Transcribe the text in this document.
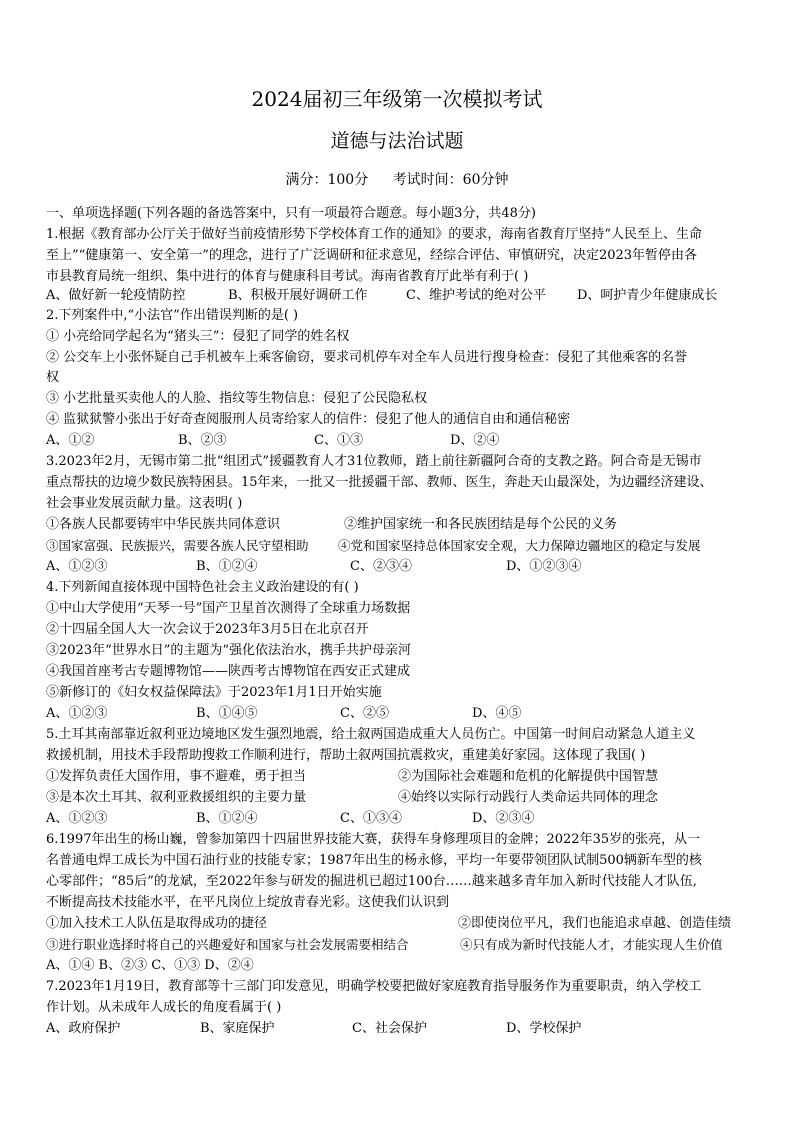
2024届初三年级第一次模拟考试
道德与法治试题
满分：100分 考试时间：60分钟
一、单项选择题(下列各题的备选答案中，只有一项最符合题意。每小题3分，共48分)
1.根据《教育部办公厅关于做好当前疫情形势下学校体育工作的通知》的要求，海南省教育厅坚持“人民至上、生命
至上”“健康第一、安全第一”的理念，进行了广泛调研和征求意见，经综合评估、审慎研究，决定2023年暂停由各
市县教育局统一组织、集中进行的体育与健康科目考试。海南省教育厅此举有利于( )
A、做好新一轮疫情防控	B、积极开展好调研工作	C、维护考试的绝对公平 D、呵护青少年健康成长
2.下列案件中,“小法官”作出错误判断的是( )
① 小亮给同学起名为“猪头三”：侵犯了同学的姓名权
② 公交车上小张怀疑自己手机被车上乘客偷窃，要求司机停车对全车人员进行搜身检查：侵犯了其他乘客的名誉
权
③ 小艺批量买卖他人的人脸、指纹等生物信息：侵犯了公民隐私权
④ 监狱狱警小张出于好奇查阅服刑人员寄给家人的信件：侵犯了他人的通信自由和通信秘密
A、①②	B、②③	C、①③	D、②④
3.2023年2月，无锡市第二批“组团式”援疆教育人才31位教师，踏上前往新疆阿合奇的支教之路。阿合奇是无锡市
重点帮扶的边境少数民族特困县。15年来，一批又一批援疆干部、教师、医生，奔赴天山最深处，为边疆经济建设、
社会事业发展贡献力量。这表明( )
①各族人民都要铸牢中华民族共同体意识	②维护国家统一和各民族团结是每个公民的义务
③国家富强、民族振兴，需要各族人民守望相助 ④党和国家坚持总体国家安全观，大力保障边疆地区的稳定与发展
A、①②③	B、①②④	C、②③④	D、①②③④
4.下列新闻直接体现中国特色社会主义政治建设的有( )
①中山大学使用“天琴一号”国产卫星首次测得了全球重力场数据
②十四届全国人大一次会议于2023年3月5日在北京召开
③2023年“世界水日”的主题为“强化依法治水，携手共护母亲河
④我国首座考古专题博物馆——陕西考古博物馆在西安正式建成
⑤新修订的《妇女权益保障法》于2023年1月1日开始实施
A、①②③	B、①④⑤	C、②⑤	D、④⑤
5.土耳其南部靠近叙利亚边境地区发生强烈地震，给土叙两国造成重大人员伤亡。中国第一时间启动紧急人道主义
救援机制，用技术手段帮助搜救工作顺利进行，帮助土叙两国抗震救灾，重建美好家园。这体现了我国( )
①发挥负责任大国作用，事不避难，勇于担当	②为国际社会难题和危机的化解提供中国智慧
③是本次土耳其、叙利亚救援组织的主要力量	④始终以实际行动践行人类命运共同体的理念
A、①②③	B、①②④	C、①③④	D、②③④
6.1997年出生的杨山巍，曾参加第四十四届世界技能大赛，获得车身修理项目的金牌；2022年35岁的张亮，从一
名普通电焊工成长为中国石油行业的技能专家；1987年出生的杨永修，平均一年要带领团队试制500辆新车型的核
心零部件；“85后”的龙斌，至2022年参与研发的掘进机已超过100台……越来越多青年加入新时代技能人才队伍,
不断提高技术技能水平，在平凡岗位上绽放青春光彩。这使我们认识到
①加入技术工人队伍是取得成功的捷径	②即使岗位平凡，我们也能追求卓越、创造佳绩
③进行职业选择时将自己的兴趣爱好和国家与社会发展需要相结合	④只有成为新时代技能人才，才能实现人生价值
A、①④ B、②③ C、①③ D、②④
7.2023年1月19日，教育部等十三部门印发意见，明确学校要把做好家庭教育指导服务作为重要职责，纳入学校工
作计划。从未成年人成长的角度看属于( )
A、政府保护	B、家庭保护	C、社会保护	D、学校保护
